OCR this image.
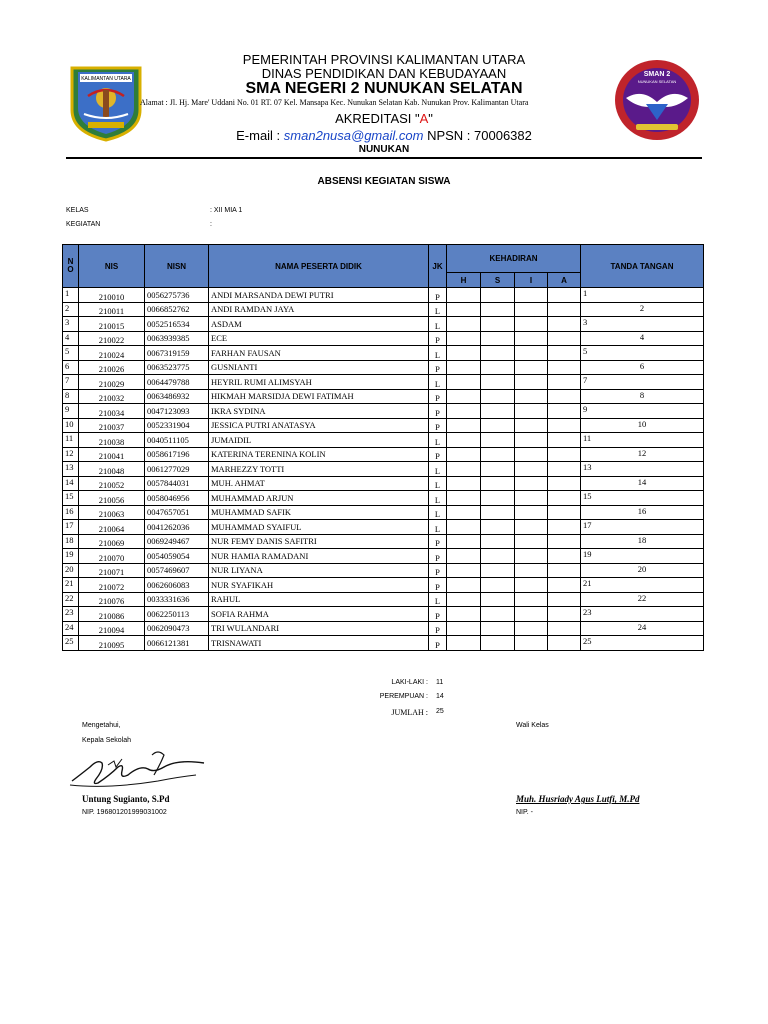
KALIMANTAN UTARA
PEMERINTAH PROVINSI KALIMANTAN UTARA
DINAS PENDIDIKAN DAN KEBUDAYAAN
SMA NEGERI 2 NUNUKAN SELATAN
Alamat : Jl. Hj. Mare' Uddani No. 01 RT. 07 Kel. Mansapa Kec. Nunukan Selatan Kab. Nunukan Prov. Kalimantan Utara
AKREDITASI "A"
E-mail : sman2nusa@gmail.com NPSN : 70006382
NUNUKAN
SMAN 2
NUNUKAN SELATAN
ABSENSI KEGIATAN SISWA
KELAS	: XII MIA 1
KEGIATAN	:
N
O	NIS	NISN	NAMA PESERTA DIDIK	JK	KEHADIRAN				TANDA TANGAN
					H	S	I	A	
1	210010	0056275736	ANDI MARSANDA DEWI PUTRI	P					1
2	210011	0066852762	ANDI RAMDAN JAYA	L					2
3	210015	0052516534	ASDAM	L					3
4	210022	0063939385	ECE	P					4
5	210024	0067319159	FARHAN FAUSAN	L					5
6	210026	0063523775	GUSNIANTI	P					6
7	210029	0064479788	HEYRIL RUMI ALIMSYAH	L					7
8	210032	0063486932	HIKMAH MARSIDJA DEWI FATIMAH	P					8
9	210034	0047123093	IKRA SYDINA	P					9
10	210037	0052331904	JESSICA PUTRI ANATASYA	P					10
11	210038	0040511105	JUMAIDIL	L					11
12	210041	0058617196	KATERINA TERENINA KOLIN	P					12
13	210048	0061277029	MARHEZZY TOTTI	L					13
14	210052	0057844031	MUH. AHMAT	L					14
15	210056	0058046956	MUHAMMAD ARJUN	L					15
16	210063	0047657051	MUHAMMAD SAFIK	L					16
17	210064	0041262036	MUHAMMAD SYAIFUL	L					17
18	210069	0069249467	NUR FEMY DANIS SAFITRI	P					18
19	210070	0054059054	NUR HAMIA RAMADANI	P					19
20	210071	0057469607	NUR LIYANA	P					20
21	210072	0062606083	NUR SYAFIKAH	P					21
22	210076	0033331636	RAHUL	L					22
23	210086	0062250113	SOFIA RAHMA	P					23
24	210094	0062090473	TRI WULANDARI	P					24
25	210095	0066121381	TRISNAWATI	P					25
LAKI-LAKI : 11
PEREMPUAN : 14
JUMLAH : 25
Mengetahui,
Kepala Sekolah
Wali Kelas
Untung Sugianto, S.Pd
NIP. 196801201999031002
Muh. Husriady Agus Lutfi, M.Pd
NIP. -
